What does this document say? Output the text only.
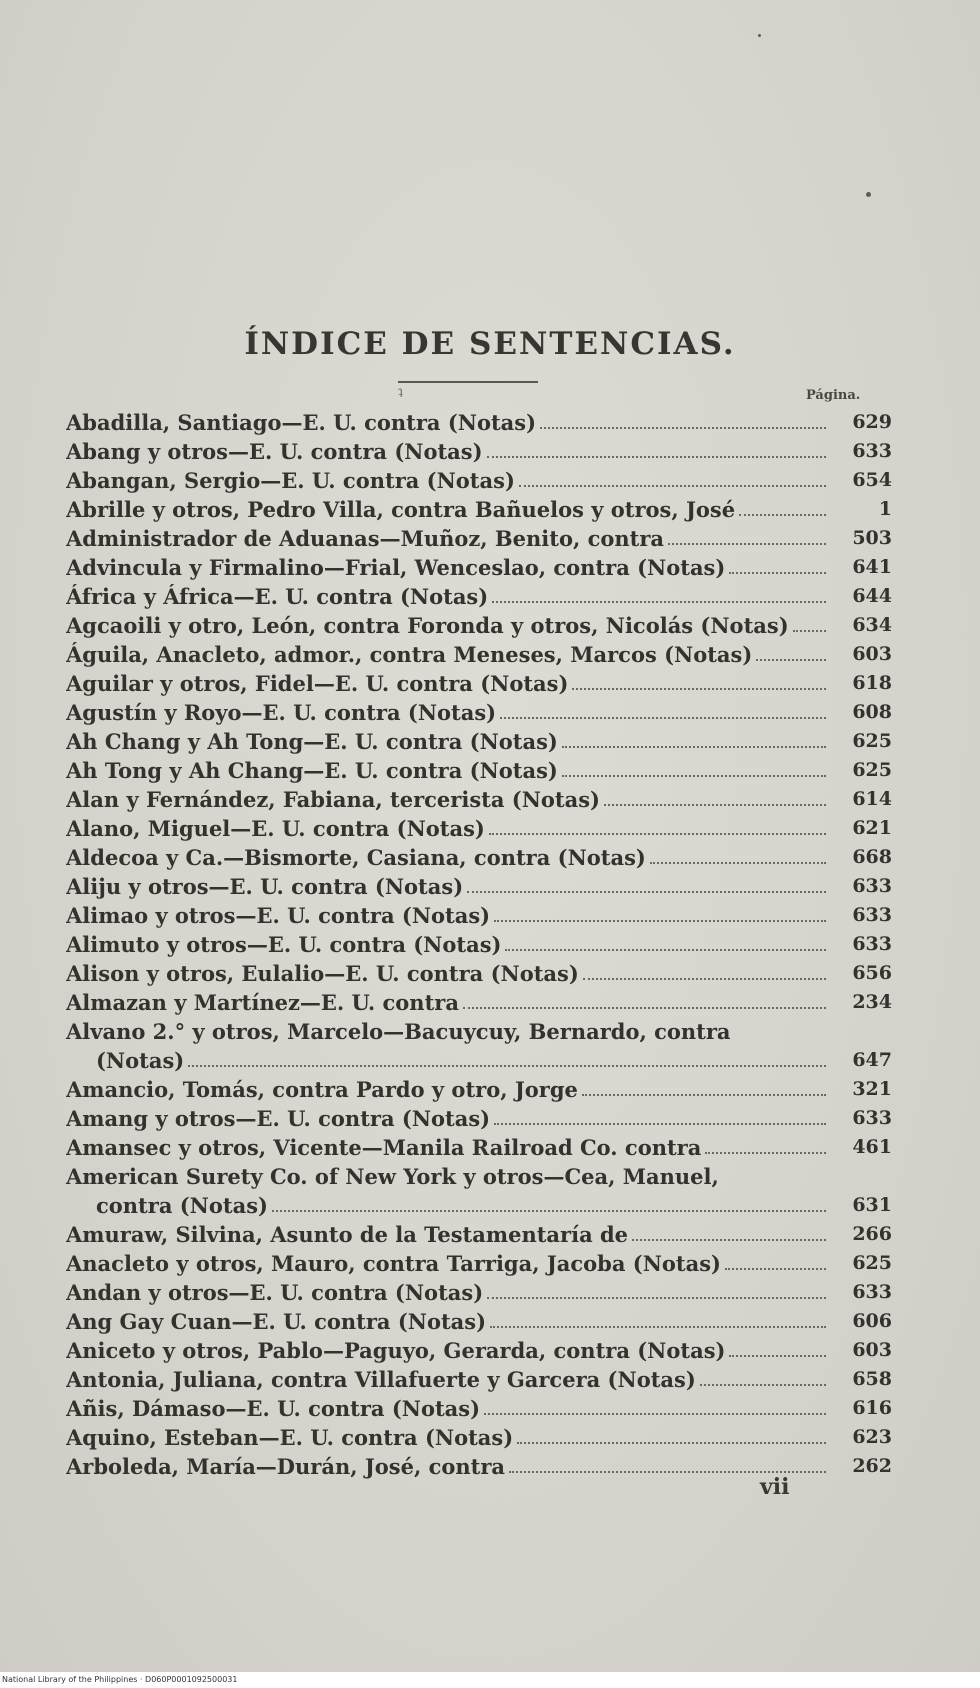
ÍNDICE DE SENTENCIAS.
ʇ	Página.
Abadilla, Santiago—E. U. contra (Notas)	629
Abang y otros—E. U. contra (Notas)	633
Abangan, Sergio—E. U. contra (Notas)	654
Abrille y otros, Pedro Villa, contra Bañuelos y otros, José	1
Administrador de Aduanas—Muñoz, Benito, contra	503
Advincula y Firmalino—Frial, Wenceslao, contra (Notas)	641
África y África—E. U. contra (Notas)	644
Agcaoili y otro, León, contra Foronda y otros, Nicolás (Notas)	634
Águila, Anacleto, admor., contra Meneses, Marcos (Notas)	603
Aguilar y otros, Fidel—E. U. contra (Notas)	618
Agustín y Royo—E. U. contra (Notas)	608
Ah Chang y Ah Tong—E. U. contra (Notas)	625
Ah Tong y Ah Chang—E. U. contra (Notas)	625
Alan y Fernández, Fabiana, tercerista (Notas)	614
Alano, Miguel—E. U. contra (Notas)	621
Aldecoa y Ca.—Bismorte, Casiana, contra (Notas)	668
Aliju y otros—E. U. contra (Notas)	633
Alimao y otros—E. U. contra (Notas)	633
Alimuto y otros—E. U. contra (Notas)	633
Alison y otros, Eulalio—E. U. contra (Notas)	656
Almazan y Martínez—E. U. contra	234
Alvano 2.° y otros, Marcelo—Bacuycuy, Bernardo, contra
(Notas)	647
Amancio, Tomás, contra Pardo y otro, Jorge	321
Amang y otros—E. U. contra (Notas)	633
Amansec y otros, Vicente—Manila Railroad Co. contra	461
American Surety Co. of New York y otros—Cea, Manuel,
contra (Notas)	631
Amuraw, Silvina, Asunto de la Testamentaría de	266
Anacleto y otros, Mauro, contra Tarriga, Jacoba (Notas)	625
Andan y otros—E. U. contra (Notas)	633
Ang Gay Cuan—E. U. contra (Notas)	606
Aniceto y otros, Pablo—Paguyo, Gerarda, contra (Notas)	603
Antonia, Juliana, contra Villafuerte y Garcera (Notas)	658
Añis, Dámaso—E. U. contra (Notas)	616
Aquino, Esteban—E. U. contra (Notas)	623
Arboleda, María—Durán, José, contra	262
vii
National Library of the Philippines · D060P0001092500031
